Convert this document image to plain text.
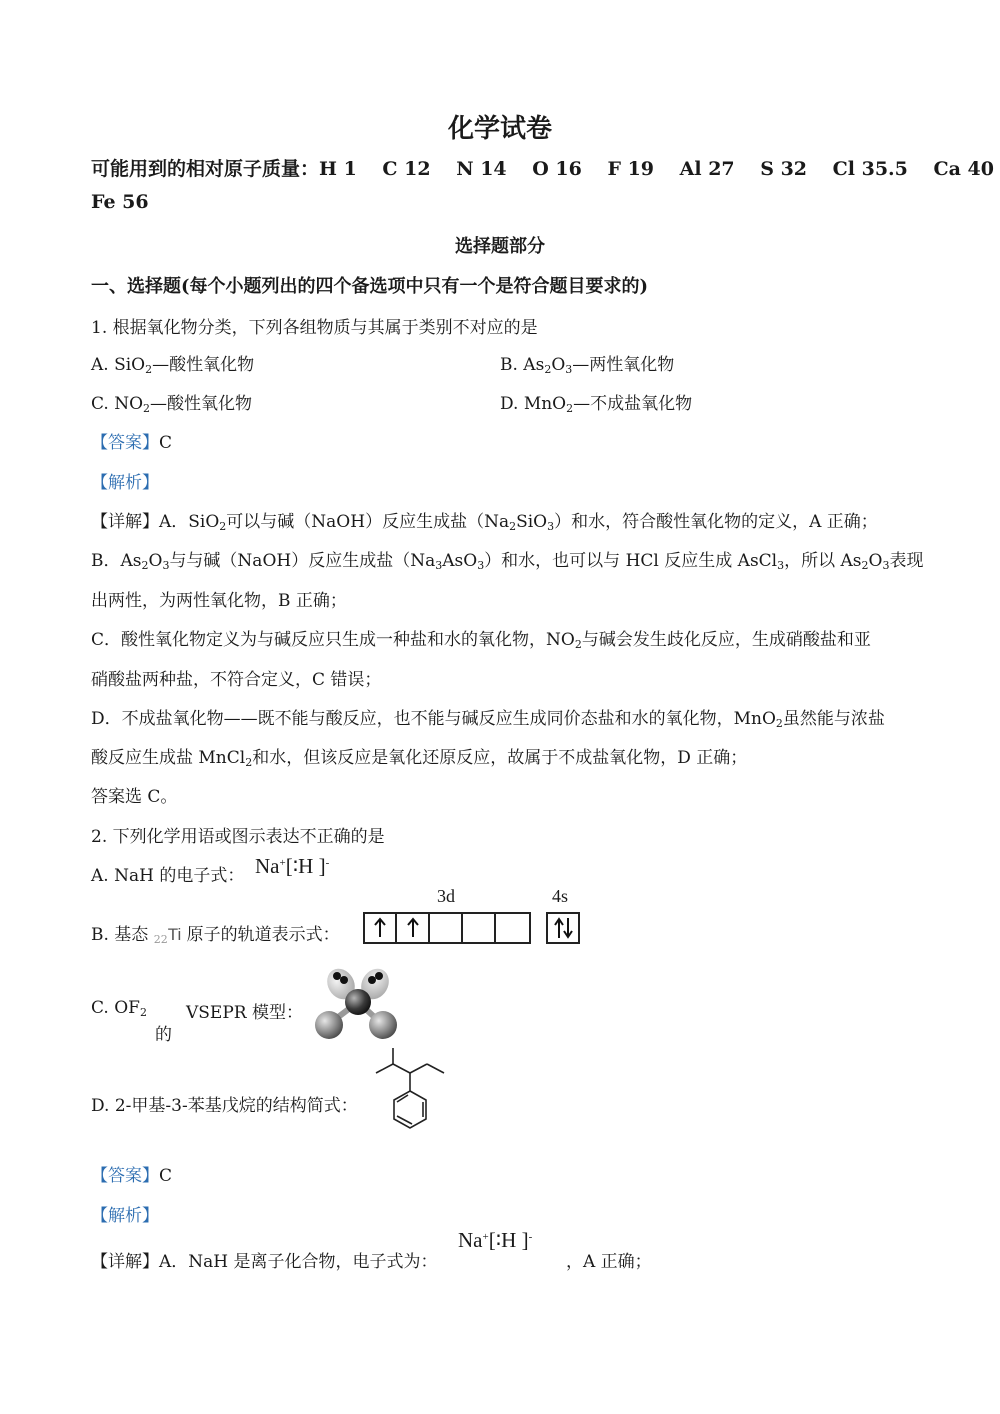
化学试卷
可能用到的相对原子质量：H 1　 C 12　 N 14　 O 16　 F 19　 Al 27　 S 32　 Cl 35.5　 Ca 40
Fe 56
选择题部分
一、选择题(每个小题列出的四个备选项中只有一个是符合题目要求的)
1. 根据氧化物分类，下列各组物质与其属于类别不对应的是
A. SiO$_2$—酸性氧化物	B. $As_2O_3—$两性氧化物
C. $NO_2—$酸性氧化物	D. MnO$_2$—不成盐氧化物
【答案】C
【解析】
【详解】A．SiO$_2$可以与碱（NaOH）反应生成盐$(Na_2SiO_3)$和水，符合酸性氧化物的定义，A 正确；
B．$As_2O_3$与与碱（NaOH）反应生成盐$(Na_3AsO_3)$和水，也可以与 HCl 反应生成 AsCl$_3$，所以 $As_2O_3$表现
出两性，为两性氧化物，B 正确；
C．酸性氧化物定义为与碱反应只生成一种盐和水的氧化物，$NO_2$与碱会发生歧化反应，生成硝酸盐和亚
硝酸盐两种盐，不符合定义，C 错误；
D．不成盐氧化物——既不能与酸反应，也不能与碱反应生成同价态盐和水的氧化物，MnO$_2$虽然能与浓盐
酸反应生成盐 MnCl$_2$和水，但该反应是氧化还原反应，故属于不成盐氧化物，D 正确；
答案选 C。
2. 下列化学用语或图示表达不正确的是
A. NaH 的电子式： Na+[∶H ]-
B. 基态 $_{22}$Ti 原子的轨道表示式：
3d	4s
C. $OF_2$
的
VSEPR 模型：
D. 2-甲基-3-苯基戊烷的结构简式：
【答案】C
【解析】
【详解】A．NaH 是离子化合物，电子式为：
Na+[∶H ]-
，A 正确；
